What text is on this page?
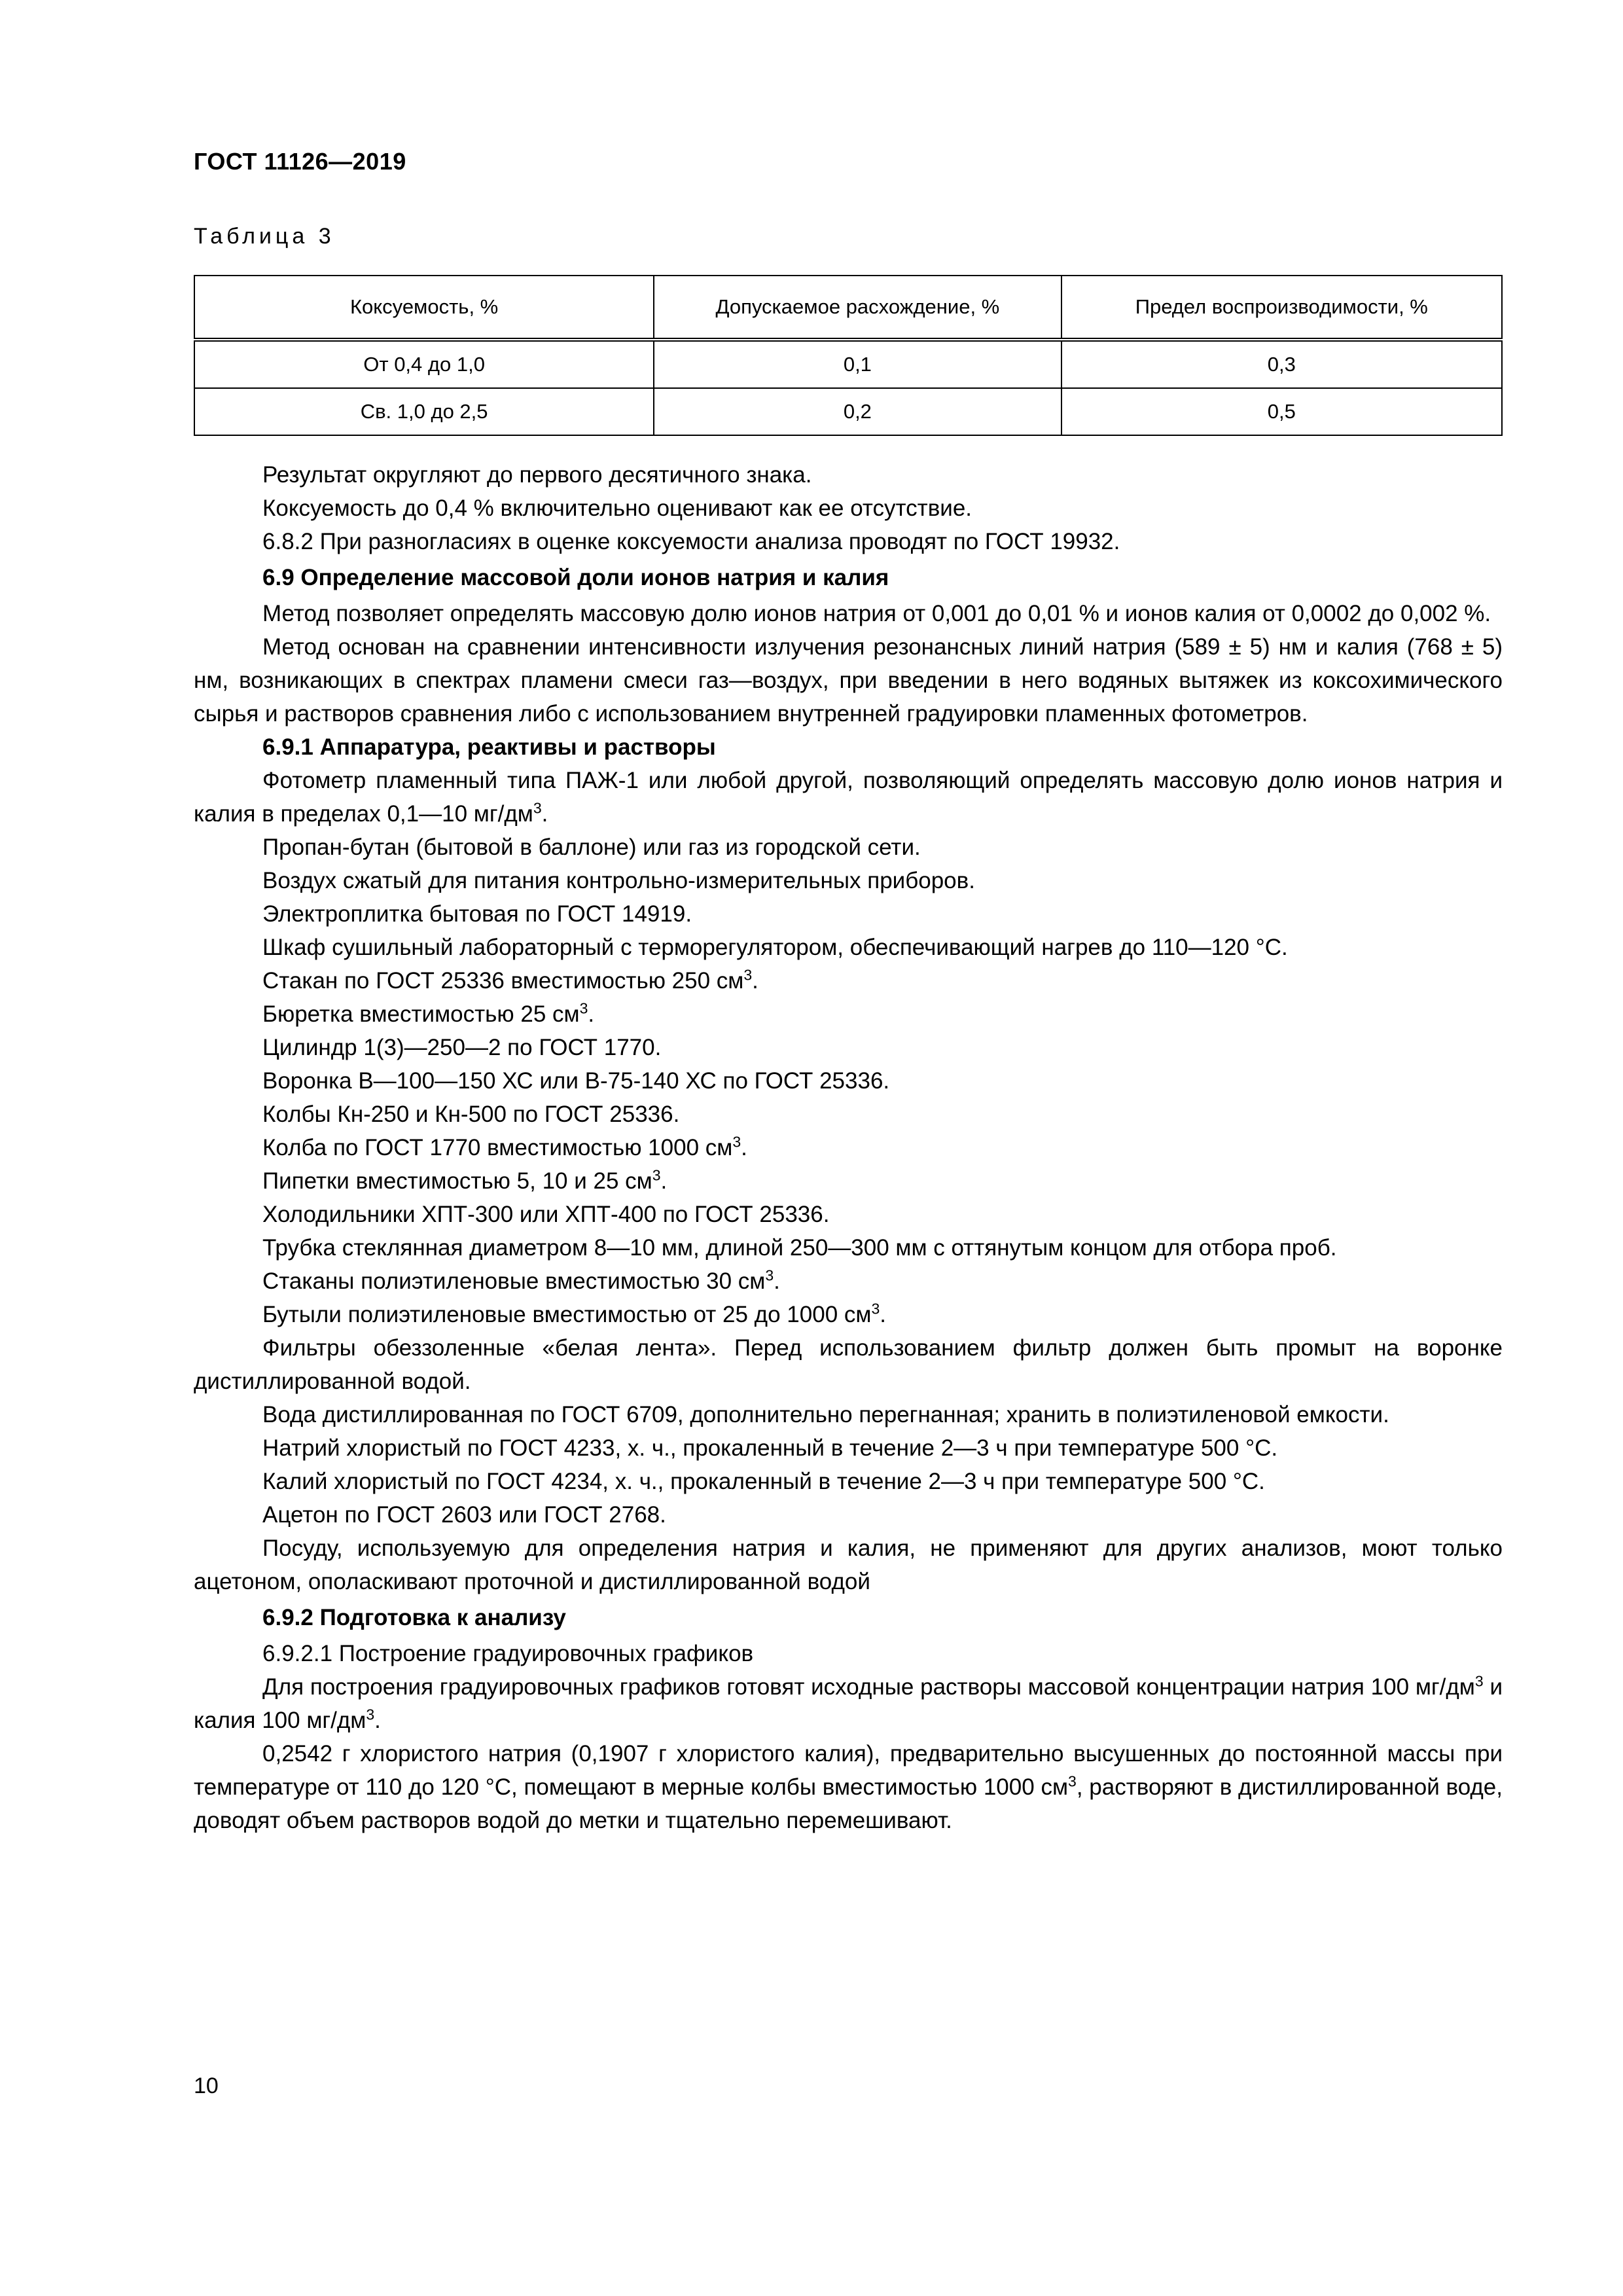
ГОСТ 11126—2019
Таблица 3
Коксуемость, %	Допускаемое расхождение, %	Предел воспроизводимости, %
От 0,4 до 1,0	0,1	0,3
Св. 1,0 до 2,5	0,2	0,5

Результат округляют до первого десятичного знака.

Коксуемость до 0,4 % включительно оценивают как ее отсутствие.

6.8.2 При разногласиях в оценке коксуемости анализа проводят по ГОСТ 19932.

6.9 Определение массовой доли ионов натрия и калия

Метод позволяет определять массовую долю ионов натрия от 0,001 до 0,01 % и ионов калия от 0,0002 до 0,002 %.

Метод основан на сравнении интенсивности излучения резонансных линий натрия (589 ± 5) нм и калия (768 ± 5) нм, возникающих в спектрах пламени смеси газ—воздух, при введении в него водяных вытяжек из коксохимического сырья и растворов сравнения либо с использованием внутренней градуировки пламенных фотометров.

6.9.1 Аппаратура, реактивы и растворы

Фотометр пламенный типа ПАЖ-1 или любой другой, позволяющий определять массовую долю ионов натрия и калия в пределах 0,1—10 $мг/дм^3$.

Пропан-бутан (бытовой в баллоне) или газ из городской сети.

Воздух сжатый для питания контрольно-измерительных приборов.

Электроплитка бытовая по ГОСТ 14919.

Шкаф сушильный лабораторный с терморегулятором, обеспечивающий нагрев до 110—120 °С.

Стакан по ГОСТ 25336 вместимостью 250 $см^3$.

Бюретка вместимостью 25 $см^3$.

Цилиндр 1(3)—250—2 по ГОСТ 1770.

Воронка В—100—150 ХС или В-75-140 ХС по ГОСТ 25336.

Колбы Кн-250 и Кн-500 по ГОСТ 25336.

Колба по ГОСТ 1770 вместимостью 1000 $см^3$.

Пипетки вместимостью 5, 10 и 25 $см^3$.

Холодильники ХПТ-300 или ХПТ-400 по ГОСТ 25336.

Трубка стеклянная диаметром 8—10 мм, длиной 250—300 мм с оттянутым концом для отбора проб.

Стаканы полиэтиленовые вместимостью 30 $см^3$.

Бутыли полиэтиленовые вместимостью от 25 до 1000 $см^3$.

Фильтры обеззоленные «белая лента». Перед использованием фильтр должен быть промыт на воронке дистиллированной водой.

Вода дистиллированная по ГОСТ 6709, дополнительно перегнанная; хранить в полиэтиленовой емкости.

Натрий хлористый по ГОСТ 4233, х. ч., прокаленный в течение 2—3 ч при температуре 500 °С.

Калий хлористый по ГОСТ 4234, х. ч., прокаленный в течение 2—3 ч при температуре 500 °С.

Ацетон по ГОСТ 2603 или ГОСТ 2768.

Посуду, используемую для определения натрия и калия, не применяют для других анализов, моют только ацетоном, ополаскивают проточной и дистиллированной водой

6.9.2 Подготовка к анализу

6.9.2.1 Построение градуировочных графиков

Для построения градуировочных графиков готовят исходные растворы массовой концентрации натрия 100 $мг/дм^3$ и калия 100 $мг/дм^3$.

0,2542 г хлористого натрия (0,1907 г хлористого калия), предварительно высушенных до постоянной массы при температуре от 110 до 120 °С, помещают в мерные колбы вместимостью 1000 $см^3$, растворяют в дистиллированной воде, доводят объем растворов водой до метки и тщательно перемешивают.

10
